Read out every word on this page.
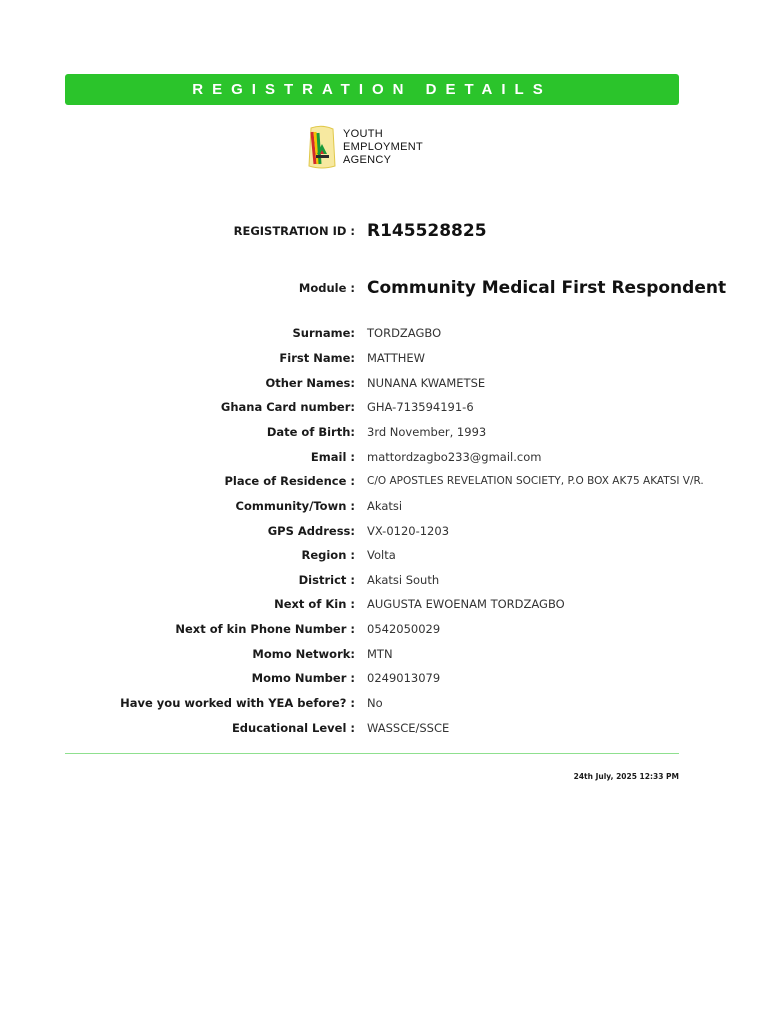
REGISTRATION DETAILS
YOUTH
EMPLOYMENT
AGENCY
REGISTRATION ID : R145528825
Module : Community Medical First Respondent
Surname: TORDZAGBO
First Name: MATTHEW
Other Names: NUNANA KWAMETSE
Ghana Card number: GHA-713594191-6
Date of Birth: 3rd November, 1993
Email : mattordzagbo233@gmail.com
Place of Residence : C/O APOSTLES REVELATION SOCIETY, P.O BOX AK75 AKATSI V/R.
Community/Town : Akatsi
GPS Address: VX-0120-1203
Region : Volta
District : Akatsi South
Next of Kin : AUGUSTA EWOENAM TORDZAGBO
Next of kin Phone Number : 0542050029
Momo Network: MTN
Momo Number : 0249013079
Have you worked with YEA before? : No
Educational Level : WASSCE/SSCE
24th July, 2025 12:33 PM
